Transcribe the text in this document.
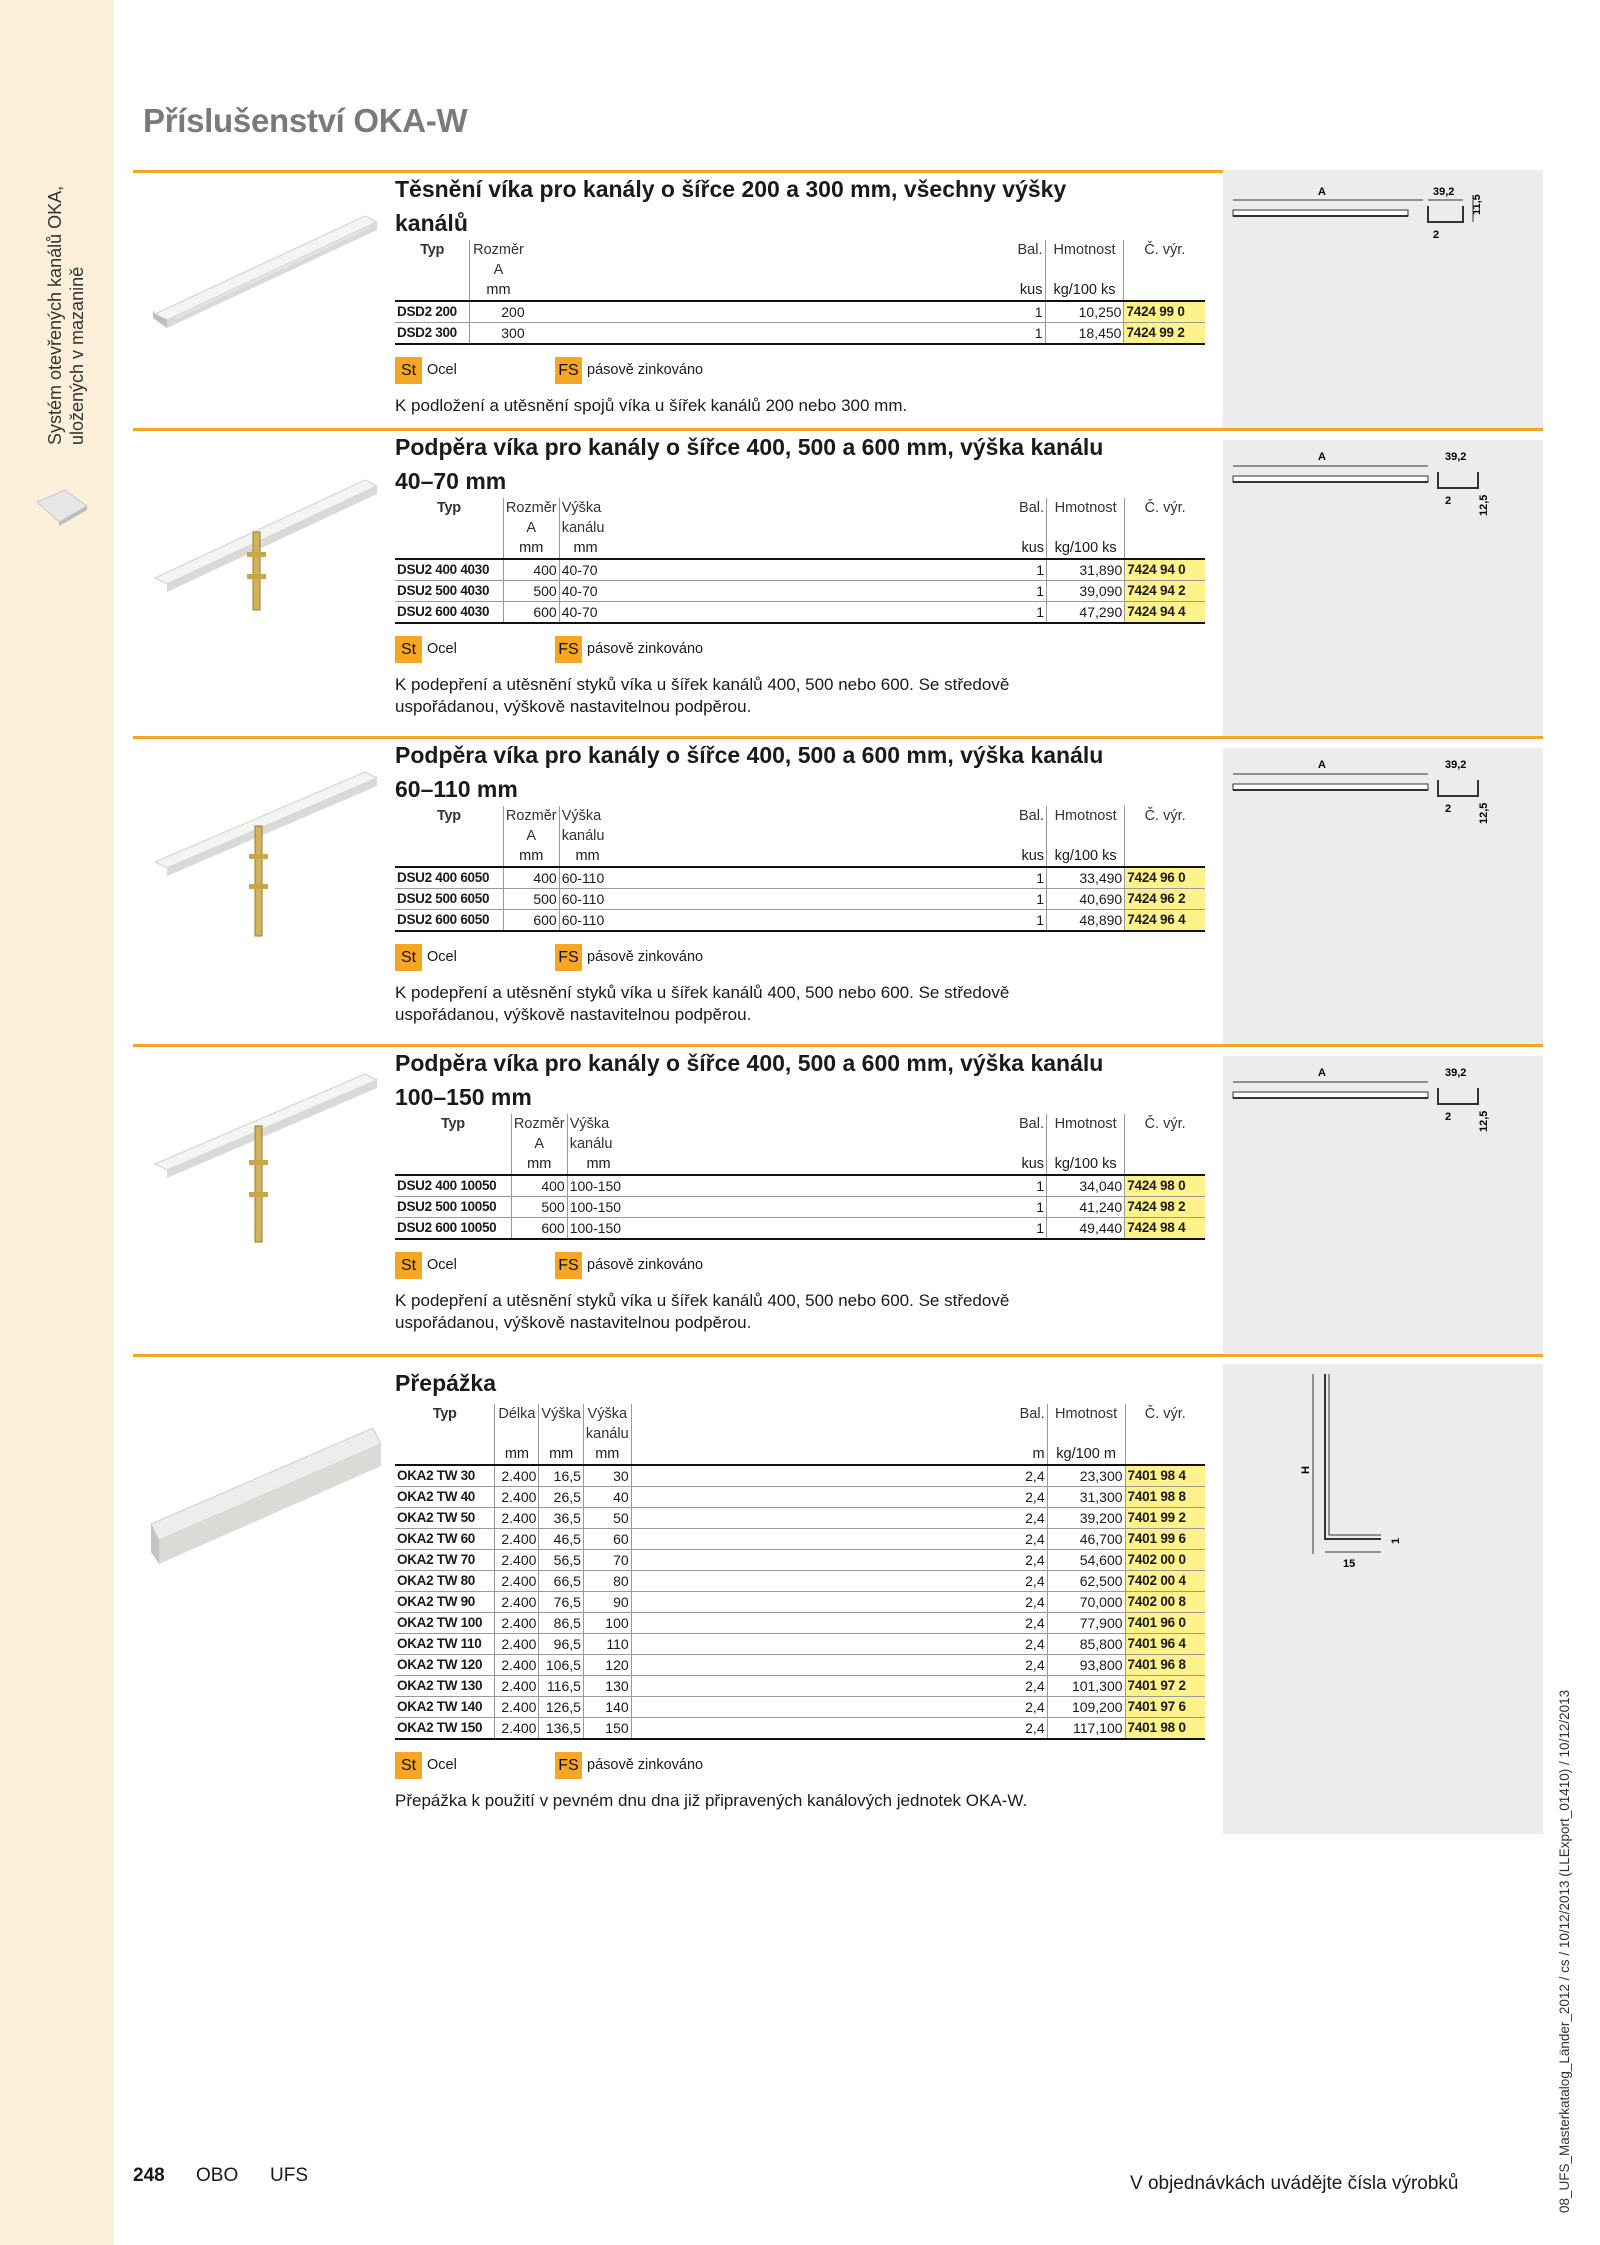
Systém otevřených kanálů OKA, uložených v mazanině
Příslušenství OKA-W
Těsnění víka pro kanály o šířce 200 a 300 mm, všechny výšky
kanálů
Typ	Rozměr
A		Bal.	Hmotnost	Č. výr.
	mm		kus	kg/100 ks	
DSD2 200	200		1	10,250	7424 99 0
DSD2 300	300		1	18,450	7424 99 2
St Ocel	FS pásově zinkováno
K podložení a utěsnění spojů víka u šířek kanálů 200 nebo 300 mm.
A	39,2
2
11,5
Podpěra víka pro kanály o šířce 400, 500 a 600 mm, výška kanálu
40–70 mm
Typ	Rozměr
A	Výška
kanálu		Bal.	Hmotnost	Č. výr.
	mm	mm		kus	kg/100 ks	
DSU2 400 4030	400	40-70		1	31,890	7424 94 0
DSU2 500 4030	500	40-70		1	39,090	7424 94 2
DSU2 600 4030	600	40-70		1	47,290	7424 94 4
St Ocel	FS pásově zinkováno
K podepření a utěsnění styků víka u šířek kanálů 400, 500 nebo 600. Se středově
uspořádanou, výškově nastavitelnou podpěrou.
A	39,2
2 12,5
Podpěra víka pro kanály o šířce 400, 500 a 600 mm, výška kanálu
60–110 mm
Typ	Rozměr
A	Výška
kanálu		Bal.	Hmotnost	Č. výr.
	mm	mm		kus	kg/100 ks	
DSU2 400 6050	400	60-110		1	33,490	7424 96 0
DSU2 500 6050	500	60-110		1	40,690	7424 96 2
DSU2 600 6050	600	60-110		1	48,890	7424 96 4
St Ocel	FS pásově zinkováno
K podepření a utěsnění styků víka u šířek kanálů 400, 500 nebo 600. Se středově
uspořádanou, výškově nastavitelnou podpěrou.
A	39,2
2 12,5
Podpěra víka pro kanály o šířce 400, 500 a 600 mm, výška kanálu
100–150 mm
Typ	Rozměr
A	Výška
kanálu		Bal.	Hmotnost	Č. výr.
	mm	mm		kus	kg/100 ks	
DSU2 400 10050	400	100-150		1	34,040	7424 98 0
DSU2 500 10050	500	100-150		1	41,240	7424 98 2
DSU2 600 10050	600	100-150		1	49,440	7424 98 4
St Ocel	FS pásově zinkováno
K podepření a utěsnění styků víka u šířek kanálů 400, 500 nebo 600. Se středově
uspořádanou, výškově nastavitelnou podpěrou.
A	39,2
2 12,5
Přepážka
Typ	Délka	Výška	Výška
kanálu		Bal.	Hmotnost	Č. výr.
	mm	mm	mm		m	kg/100 m	
OKA2 TW 30	2.400	16,5	30		2,4	23,300	7401 98 4
OKA2 TW 40	2.400	26,5	40		2,4	31,300	7401 98 8
OKA2 TW 50	2.400	36,5	50		2,4	39,200	7401 99 2
OKA2 TW 60	2.400	46,5	60		2,4	46,700	7401 99 6
OKA2 TW 70	2.400	56,5	70		2,4	54,600	7402 00 0
OKA2 TW 80	2.400	66,5	80		2,4	62,500	7402 00 4
OKA2 TW 90	2.400	76,5	90		2,4	70,000	7402 00 8
OKA2 TW 100	2.400	86,5	100		2,4	77,900	7401 96 0
OKA2 TW 110	2.400	96,5	110		2,4	85,800	7401 96 4
OKA2 TW 120	2.400	106,5	120		2,4	93,800	7401 96 8
OKA2 TW 130	2.400	116,5	130		2,4	101,300	7401 97 2
OKA2 TW 140	2.400	126,5	140		2,4	109,200	7401 97 6
OKA2 TW 150	2.400	136,5	150		2,4	117,100	7401 98 0
St Ocel	FS pásově zinkováno
Přepážka k použití v pevném dnu dna již připravených kanálových jednotek OKA-W.
H
15
1
248 OBO UFS	V objednávkách uvádějte čísla výrobků	08_UFS_Masterkatalog_Länder_2012 / cs / 10/12/2013 (LLExport_01410) / 10/12/2013
